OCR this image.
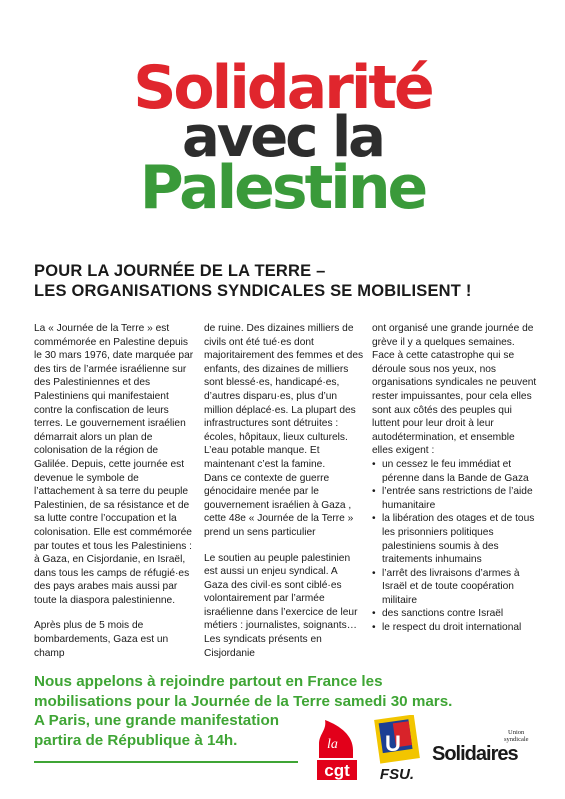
Solidarité
avec la
Palestine
POUR LA JOURNÉE DE LA TERRE –
LES ORGANISATIONS SYNDICALES SE MOBILISENT !

La « Journée de la Terre » est commémorée en Palestine depuis le 30 mars 1976, date marquée par des tirs de l’armée israélienne sur des Palestiniennes et des Palestiniens qui manifestaient contre la confiscation de leurs terres. Le gouvernement israélien démarrait alors un plan de colonisation de la région de Galilée. Depuis, cette journée est devenue le symbole de l’attachement à sa terre du peuple Palestinien, de sa résistance et de sa lutte contre l’occupation et la colonisation. Elle est commémorée par toutes et tous les Palestiniens : à Gaza, en Cisjordanie, en Israël, dans tous les camps de réfugié·es des pays arabes mais aussi par toute la diaspora palestinienne.

Après plus de 5 mois de bombardements, Gaza est un champ

de ruine. Des dizaines milliers de civils ont été tué·es dont majoritairement des femmes et des enfants, des dizaines de milliers sont blessé·es, handicapé·es, d’autres disparu·es, plus d’un million déplacé·es. La plupart des infrastructures sont détruites : écoles, hôpitaux, lieux culturels. L’eau potable manque. Et maintenant c’est la famine.

Dans ce contexte de guerre génocidaire menée par le gouvernement israélien à Gaza , cette 48e « Journée de la Terre » prend un sens particulier

Le soutien au peuple palestinien est aussi un enjeu syndical. A Gaza des civil·es sont ciblé·es volontairement par l’armée israélienne dans l’exercice de leur métiers : journalistes, soignants… Les syndicats présents en Cisjordanie

ont organisé une grande journée de grève il y a quelques semaines. Face à cette catastrophe qui se déroule sous nos yeux, nos organisations syndicales ne peuvent rester impuissantes, pour cela elles sont aux côtés des peuples qui luttent pour leur droit à leur autodétermination, et ensemble elles exigent :

• un cessez le feu immédiat et pérenne dans la Bande de Gaza
• l’entrée sans restrictions de l’aide humanitaire
• la libération des otages et de tous les prisonniers politiques palestiniens soumis à des traitements inhumains
• l’arrêt des livraisons d’armes à Israël et de toute coopération militaire
• des sanctions contre Israël
• le respect du droit international
Nous appelons à rejoindre partout en France les
mobilisations pour la Journée de la Terre samedi 30 mars.
A Paris, une grande manifestation
partira de République à 14h.	la
cgt
U
FSU.
Union
syndicale
Solidaires
